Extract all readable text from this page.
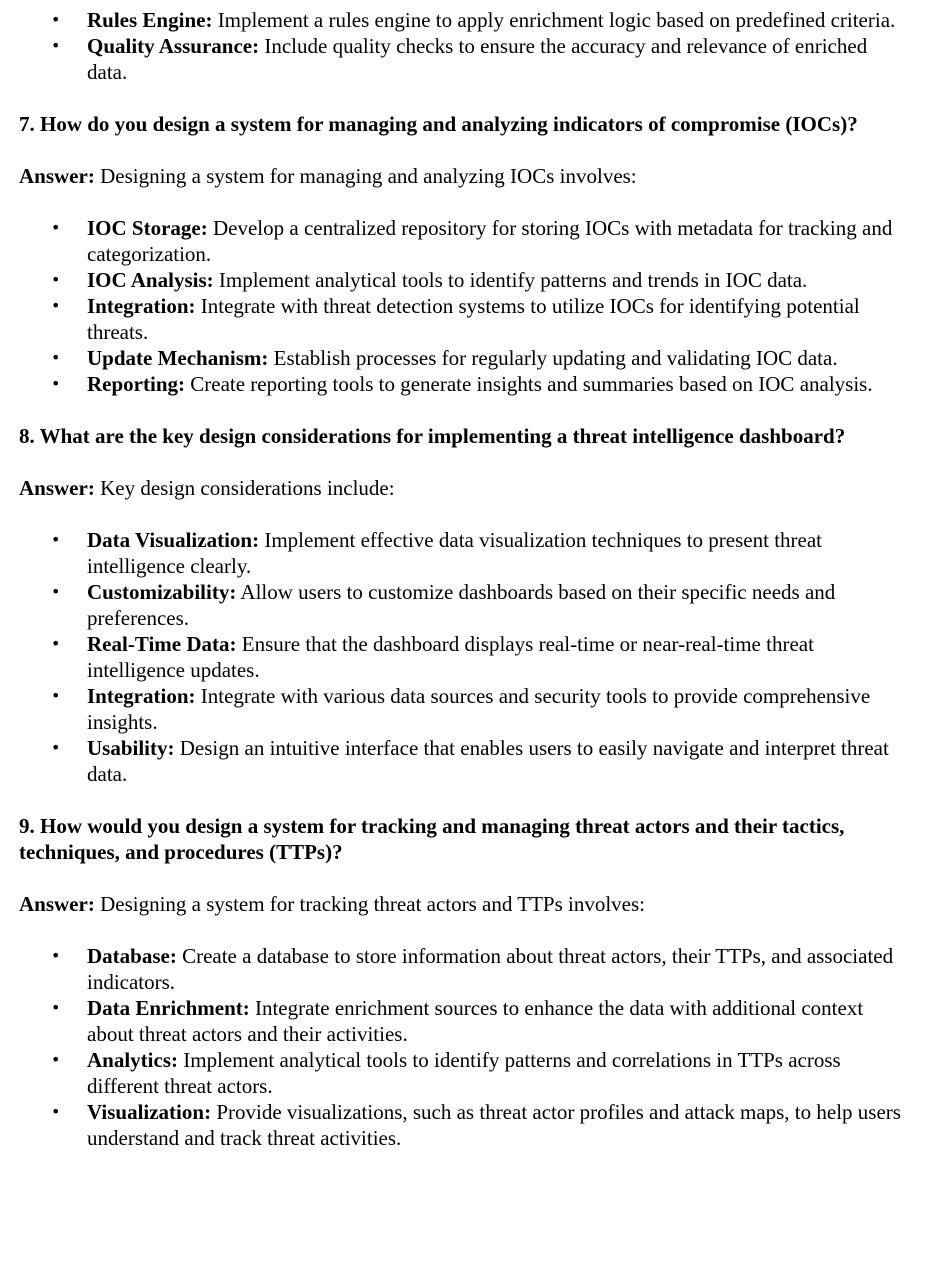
• Rules Engine: Implement a rules engine to apply enrichment logic based on predefined criteria.
• Quality Assurance: Include quality checks to ensure the accuracy and relevance of enriched data.

7. How do you design a system for managing and analyzing indicators of compromise (IOCs)?

Answer: Designing a system for managing and analyzing IOCs involves:

• IOC Storage: Develop a centralized repository for storing IOCs with metadata for tracking and categorization.
• IOC Analysis: Implement analytical tools to identify patterns and trends in IOC data.
• Integration: Integrate with threat detection systems to utilize IOCs for identifying potential threats.
• Update Mechanism: Establish processes for regularly updating and validating IOC data.
• Reporting: Create reporting tools to generate insights and summaries based on IOC analysis.

8. What are the key design considerations for implementing a threat intelligence dashboard?

Answer: Key design considerations include:

• Data Visualization: Implement effective data visualization techniques to present threat intelligence clearly.
• Customizability: Allow users to customize dashboards based on their specific needs and preferences.
• Real-Time Data: Ensure that the dashboard displays real-time or near-real-time threat intelligence updates.
• Integration: Integrate with various data sources and security tools to provide comprehensive insights.
• Usability: Design an intuitive interface that enables users to easily navigate and interpret threat data.

9. How would you design a system for tracking and managing threat actors and their tactics, techniques, and procedures (TTPs)?

Answer: Designing a system for tracking threat actors and TTPs involves:

• Database: Create a database to store information about threat actors, their TTPs, and associated indicators.
• Data Enrichment: Integrate enrichment sources to enhance the data with additional context about threat actors and their activities.
• Analytics: Implement analytical tools to identify patterns and correlations in TTPs across different threat actors.
• Visualization: Provide visualizations, such as threat actor profiles and attack maps, to help users understand and track threat activities.
